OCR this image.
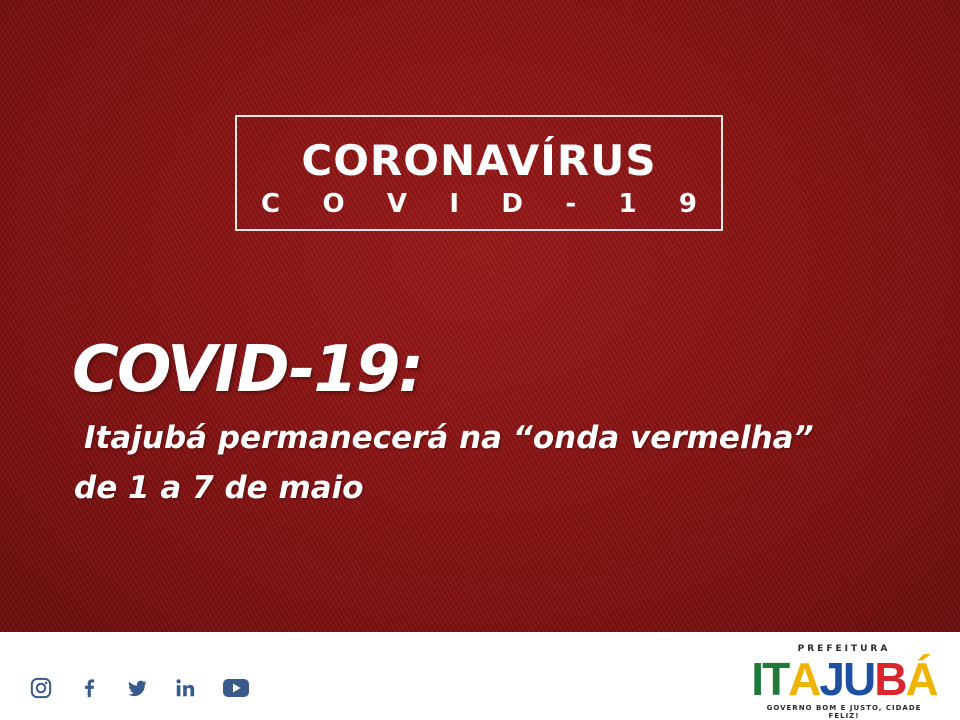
CORONAVÍRUS
C O V I D - 1 9
COVID-19:
Itajubá permanecerá na “onda vermelha”
de 1 a 7 de maio
PREFEITURA
ITAJUBÁ
GOVERNO BOM E JUSTO, CIDADE FELIZ!
